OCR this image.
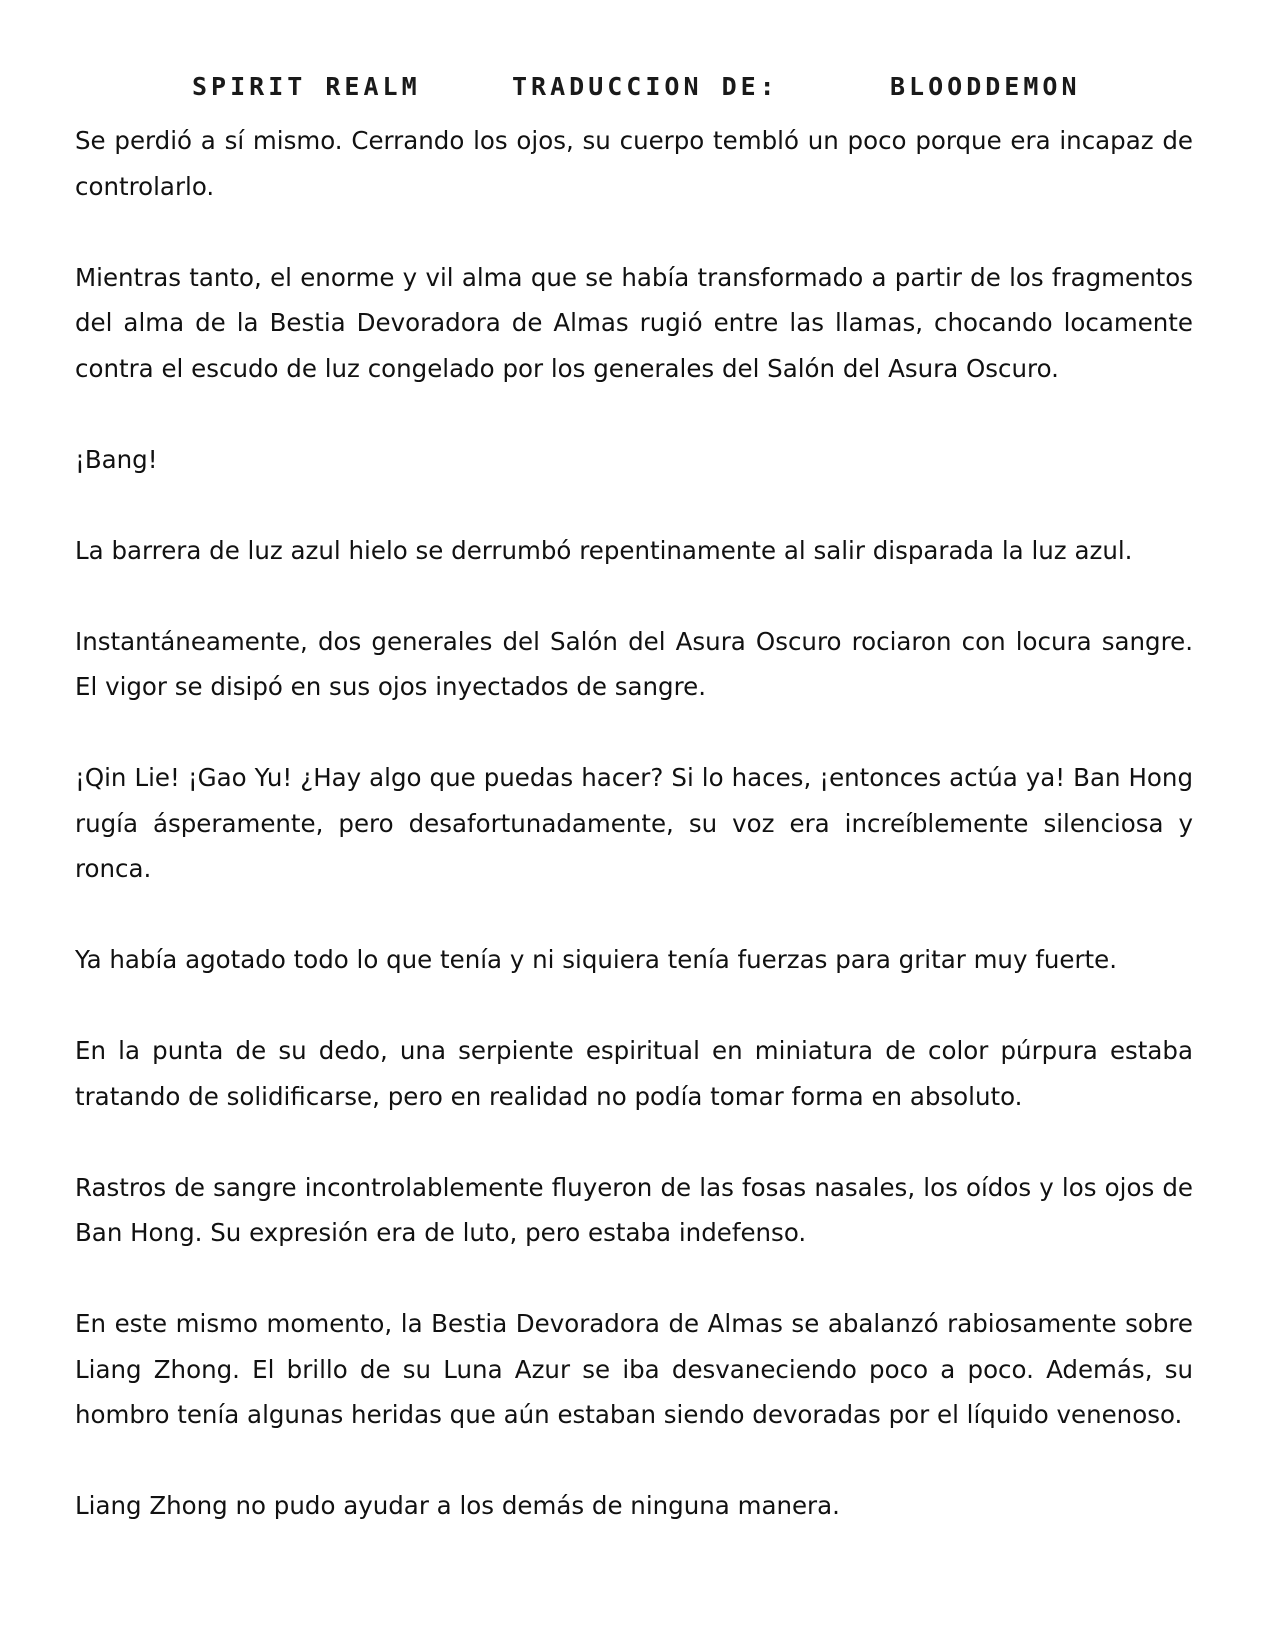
SPIRIT REALM	TRADUCCION DE:	BLOODDEMON

Se perdió a sí mismo. Cerrando los ojos, su cuerpo tembló un poco porque era incapaz de controlarlo.

Mientras tanto, el enorme y vil alma que se había transformado a partir de los fragmentos del alma de la Bestia Devoradora de Almas rugió entre las llamas, chocando locamente contra el escudo de luz congelado por los generales del Salón del Asura Oscuro.

¡Bang!

La barrera de luz azul hielo se derrumbó repentinamente al salir disparada la luz azul.

Instantáneamente, dos generales del Salón del Asura Oscuro rociaron con locura sangre. El vigor se disipó en sus ojos inyectados de sangre.

¡Qin Lie! ¡Gao Yu! ¿Hay algo que puedas hacer? Si lo haces, ¡entonces actúa ya! Ban Hong rugía ásperamente, pero desafortunadamente, su voz era increíblemente silenciosa y ronca.

Ya había agotado todo lo que tenía y ni siquiera tenía fuerzas para gritar muy fuerte.

En la punta de su dedo, una serpiente espiritual en miniatura de color púrpura estaba tratando de solidificarse, pero en realidad no podía tomar forma en absoluto.

Rastros de sangre incontrolablemente fluyeron de las fosas nasales, los oídos y los ojos de Ban Hong. Su expresión era de luto, pero estaba indefenso.

En este mismo momento, la Bestia Devoradora de Almas se abalanzó rabiosamente sobre Liang Zhong. El brillo de su Luna Azur se iba desvaneciendo poco a poco. Además, su hombro tenía algunas heridas que aún estaban siendo devoradas por el líquido venenoso.

Liang Zhong no pudo ayudar a los demás de ninguna manera.
